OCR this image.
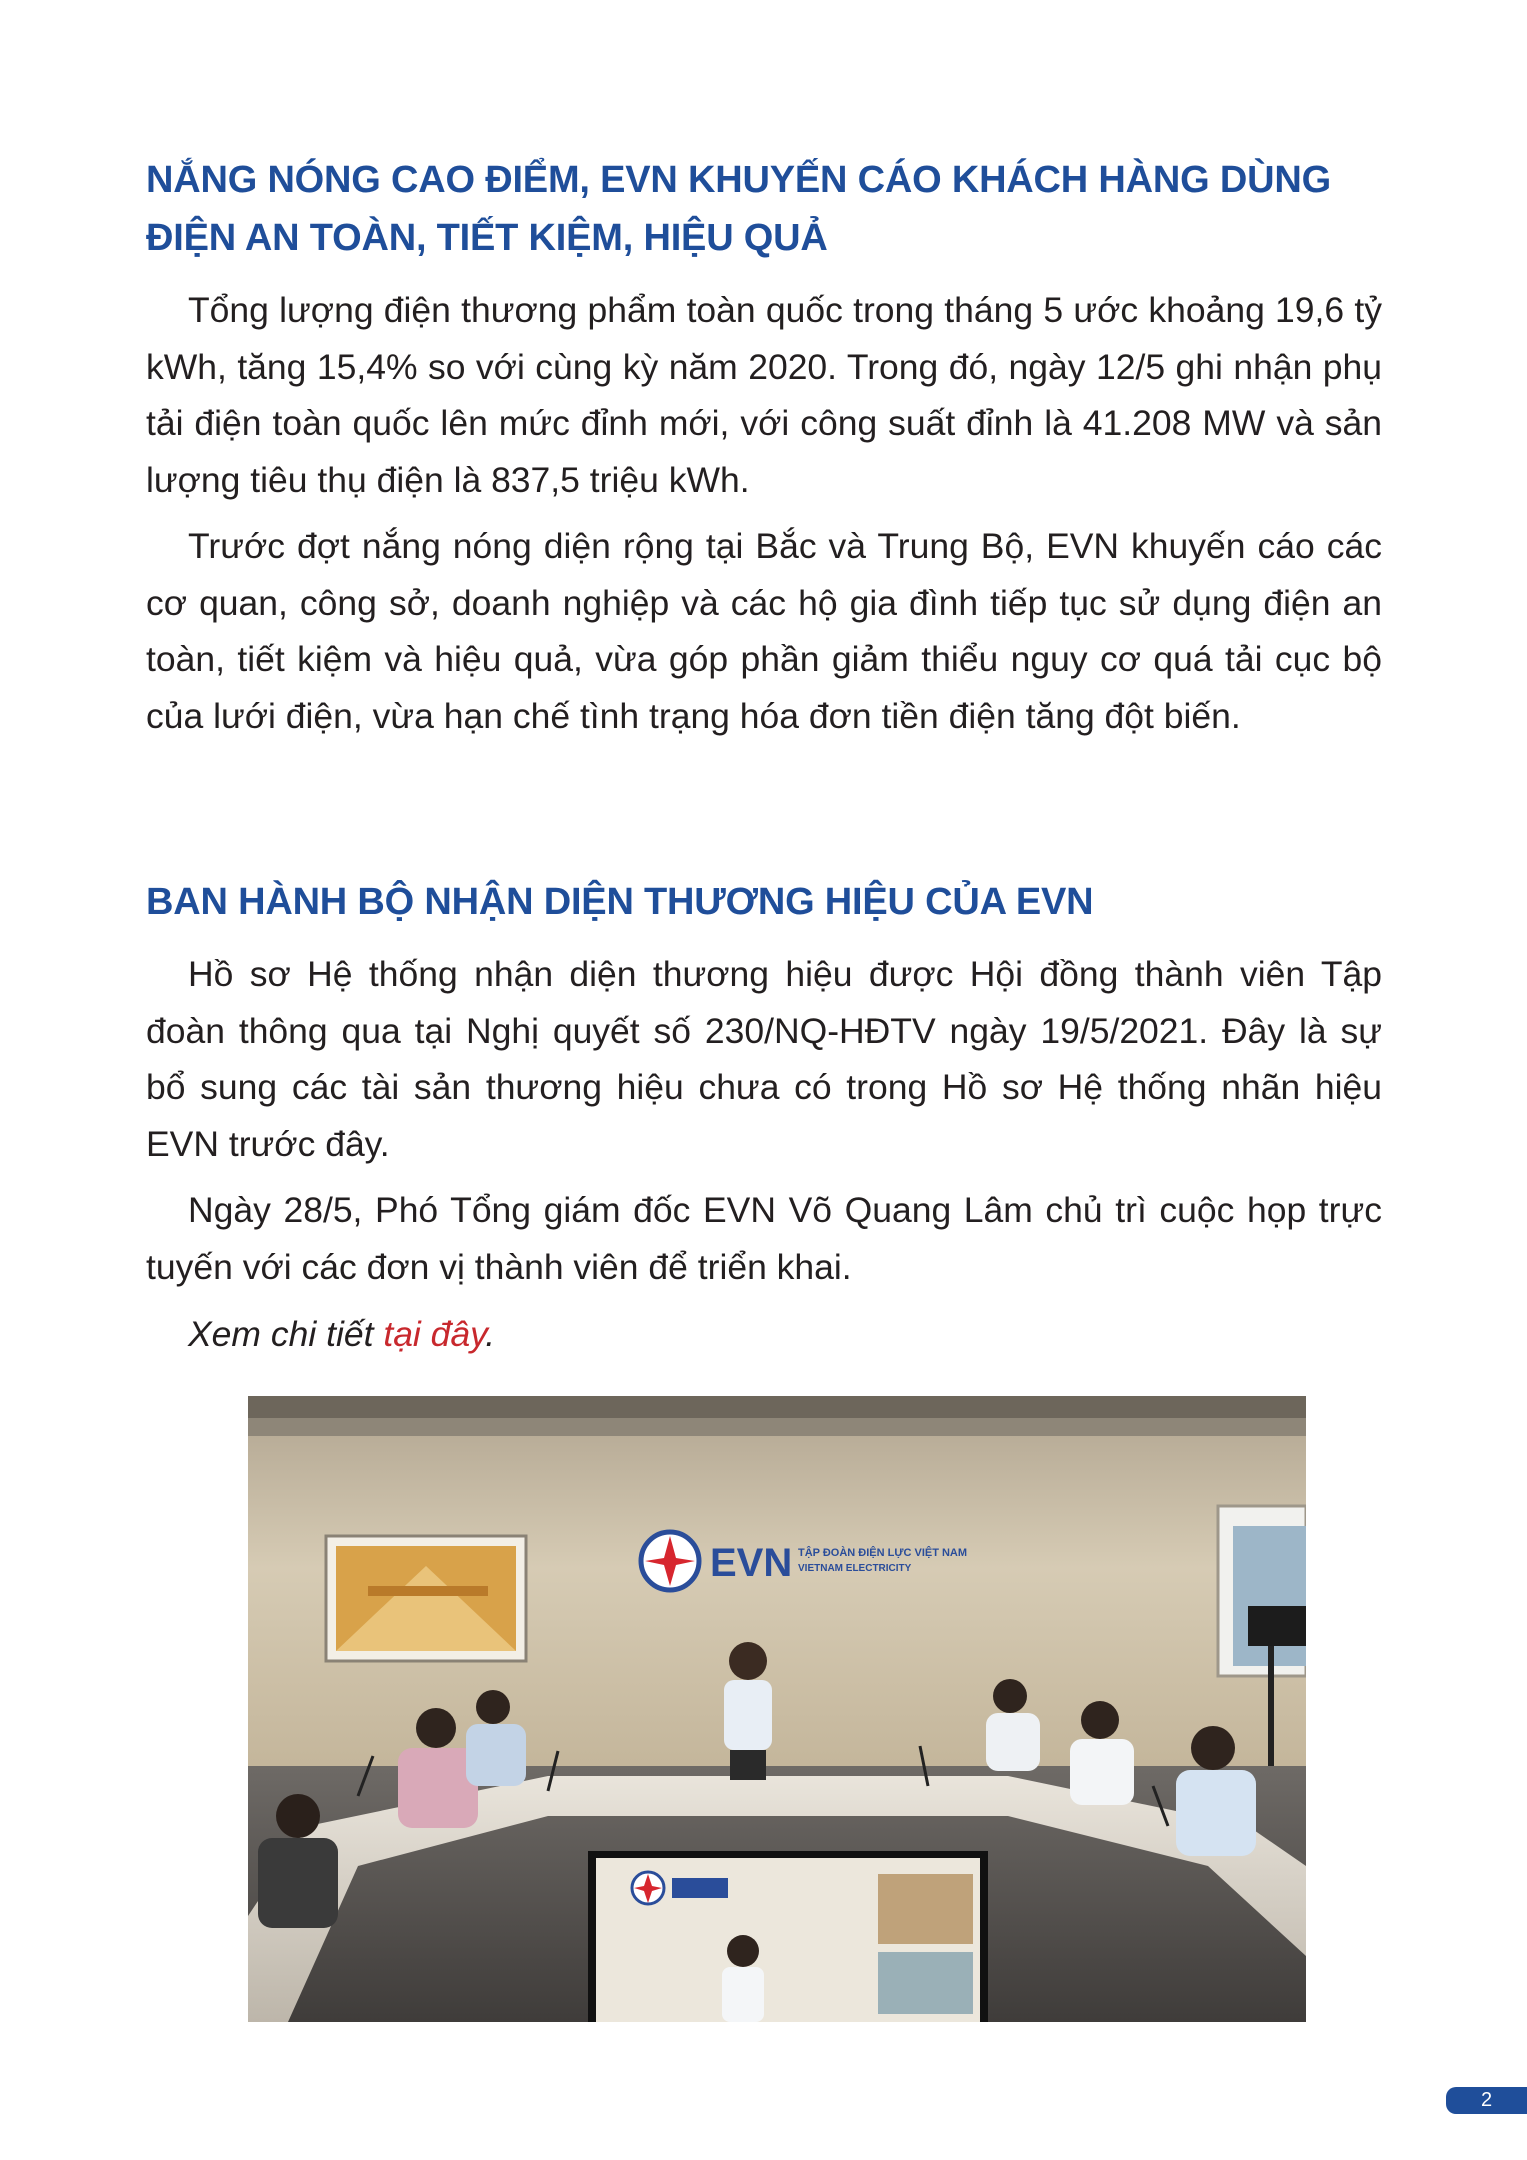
NẮNG NÓNG CAO ĐIỂM, EVN KHUYẾN CÁO KHÁCH HÀNG DÙNG ĐIỆN AN TOÀN, TIẾT KIỆM, HIỆU QUẢ

Tổng lượng điện thương phẩm toàn quốc trong tháng 5 ước khoảng 19,6 tỷ kWh, tăng 15,4% so với cùng kỳ năm 2020. Trong đó, ngày 12/5 ghi nhận phụ tải điện toàn quốc lên mức đỉnh mới, với công suất đỉnh là 41.208 MW và sản lượng tiêu thụ điện là 837,5 triệu kWh.

Trước đợt nắng nóng diện rộng tại Bắc và Trung Bộ, EVN khuyến cáo các cơ quan, công sở, doanh nghiệp và các hộ gia đình tiếp tục sử dụng điện an toàn, tiết kiệm và hiệu quả, vừa góp phần giảm thiểu nguy cơ quá tải cục bộ của lưới điện, vừa hạn chế tình trạng hóa đơn tiền điện tăng đột biến.

BAN HÀNH BỘ NHẬN DIỆN THƯƠNG HIỆU CỦA EVN

Hồ sơ Hệ thống nhận diện thương hiệu được Hội đồng thành viên Tập đoàn thông qua tại Nghị quyết số 230/NQ-HĐTV ngày 19/5/2021. Đây là sự bổ sung các tài sản thương hiệu chưa có trong Hồ sơ Hệ thống nhãn hiệu EVN trước đây.

Ngày 28/5, Phó Tổng giám đốc EVN Võ Quang Lâm chủ trì cuộc họp trực tuyến với các đơn vị thành viên để triển khai.

Xem chi tiết tại đây.

EVN TẬP ĐOÀN ĐIỆN LỰC VIỆT NAM
VIETNAM ELECTRICITY
2
